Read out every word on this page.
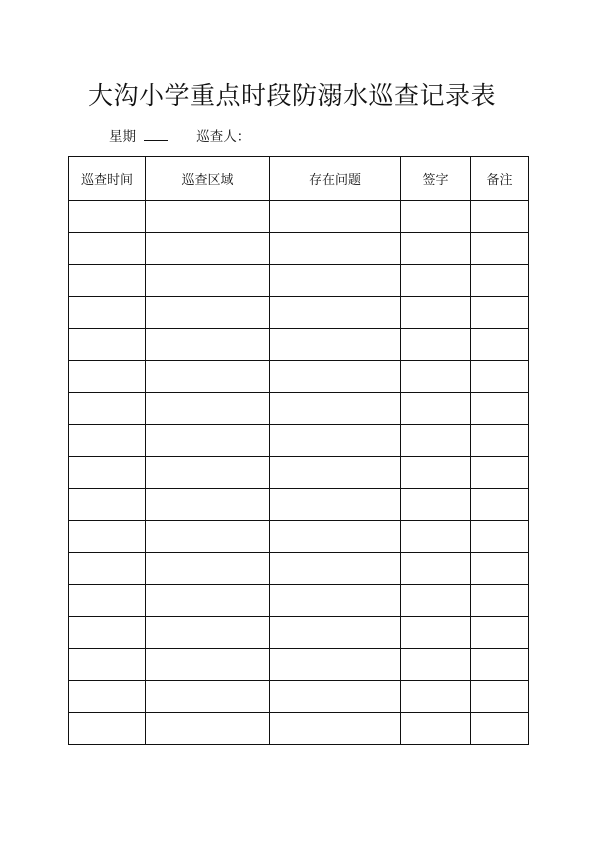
大沟小学重点时段防溺水巡查记录表
星期	巡查人：
巡查时间	巡查区域	存在问题	签字	备注
